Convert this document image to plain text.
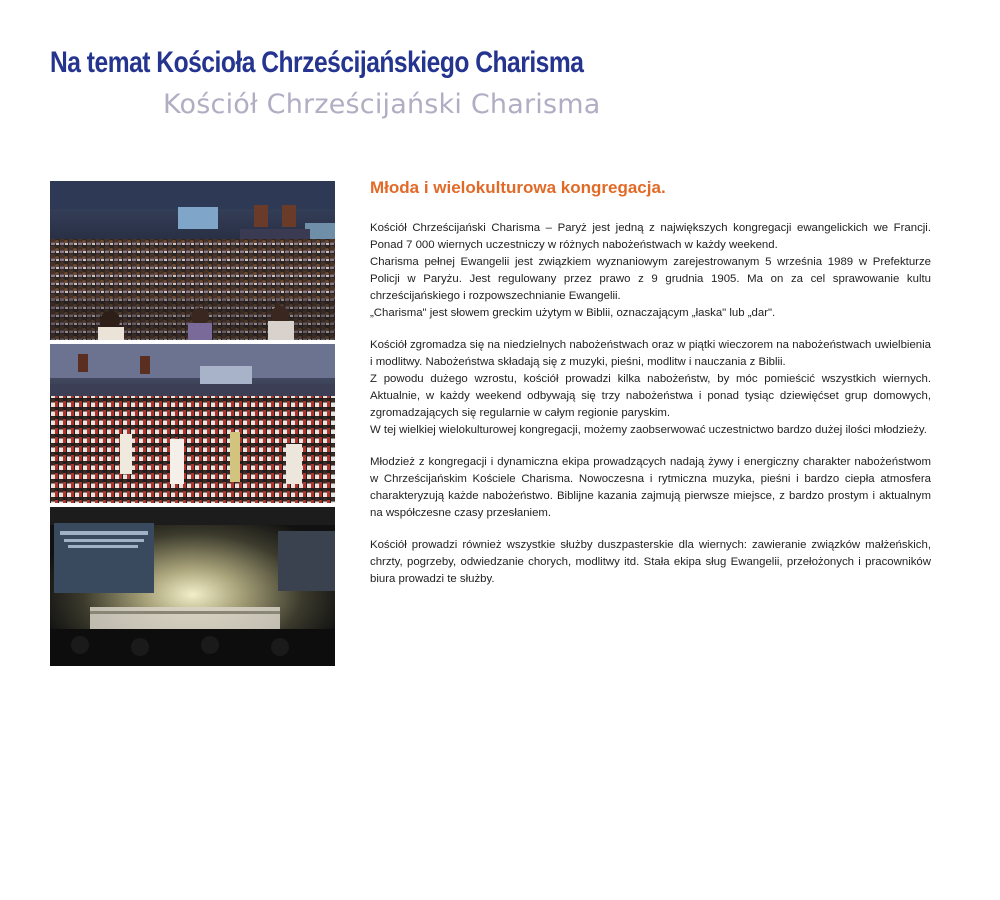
Na temat Kościoła Chrześcijańskiego Charisma
Kościół Chrześcijański Charisma
Młoda i wielokulturowa kongregacja.

Kościół Chrześcijański Charisma – Paryż jest jedną z największych kongregacji ewangelickich we Francji. Ponad 7 000 wiernych uczestniczy w różnych nabożeństwach w każdy weekend.
Charisma pełnej Ewangelii jest związkiem wyznaniowym zarejestrowanym 5 września 1989 w Prefekturze Policji w Paryżu. Jest regulowany przez prawo z 9 grudnia 1905. Ma on za cel sprawowanie kultu chrześcijańskiego i rozpowszechnianie Ewangelii.
„Charisma" jest słowem greckim użytym w Biblii, oznaczającym „łaska" lub „dar".

Kościół zgromadza się na niedzielnych nabożeństwach oraz w piątki wieczorem na nabożeństwach uwielbienia i modlitwy. Nabożeństwa składają się z muzyki, pieśni, modlitw i nauczania z Biblii.
Z powodu dużego wzrostu, kościół prowadzi kilka nabożeństw, by móc pomieścić wszystkich wiernych. Aktualnie, w każdy weekend odbywają się trzy nabożeństwa i ponad tysiąc dziewięćset grup domowych, zgromadzających się regularnie w całym regionie paryskim.
W tej wielkiej wielokulturowej kongregacji, możemy zaobserwować uczestnictwo bardzo dużej ilości młodzieży.

Młodzież z kongregacji i dynamiczna ekipa prowadzących nadają żywy i energiczny charakter nabożeństwom w Chrześcijańskim Kościele Charisma. Nowoczesna i rytmiczna muzyka, pieśni i bardzo ciepła atmosfera charakteryzują każde nabożeństwo. Biblijne kazania zajmują pierwsze miejsce, z bardzo prostym i aktualnym na współczesne czasy przesłaniem.

Kościół prowadzi również wszystkie służby duszpasterskie dla wiernych: zawieranie związków małżeńskich, chrzty, pogrzeby, odwiedzanie chorych, modlitwy itd. Stała ekipa sług Ewangelii, przełożonych i pracowników biura prowadzi te służby.
